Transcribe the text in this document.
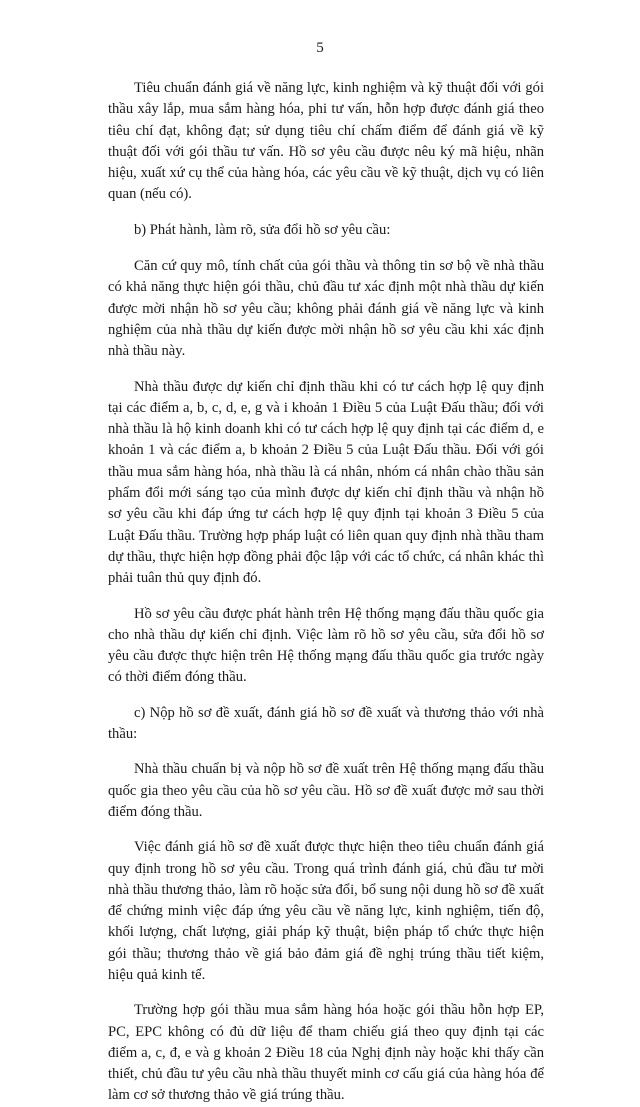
5

Tiêu chuẩn đánh giá về năng lực, kinh nghiệm và kỹ thuật đối với gói thầu xây lắp, mua sắm hàng hóa, phi tư vấn, hỗn hợp được đánh giá theo tiêu chí đạt, không đạt; sử dụng tiêu chí chấm điểm để đánh giá về kỹ thuật đối với gói thầu tư vấn. Hồ sơ yêu cầu được nêu ký mã hiệu, nhãn hiệu, xuất xứ cụ thể của hàng hóa, các yêu cầu về kỹ thuật, dịch vụ có liên quan (nếu có).

b) Phát hành, làm rõ, sửa đổi hồ sơ yêu cầu:

Căn cứ quy mô, tính chất của gói thầu và thông tin sơ bộ về nhà thầu có khả năng thực hiện gói thầu, chủ đầu tư xác định một nhà thầu dự kiến được mời nhận hồ sơ yêu cầu; không phải đánh giá về năng lực và kinh nghiệm của nhà thầu dự kiến được mời nhận hồ sơ yêu cầu khi xác định nhà thầu này.

Nhà thầu được dự kiến chỉ định thầu khi có tư cách hợp lệ quy định tại các điểm a, b, c, d, e, g và i khoản 1 Điều 5 của Luật Đấu thầu; đối với nhà thầu là hộ kinh doanh khi có tư cách hợp lệ quy định tại các điểm d, e khoản 1 và các điểm a, b khoản 2 Điều 5 của Luật Đấu thầu. Đối với gói thầu mua sắm hàng hóa, nhà thầu là cá nhân, nhóm cá nhân chào thầu sản phẩm đổi mới sáng tạo của mình được dự kiến chỉ định thầu và nhận hồ sơ yêu cầu khi đáp ứng tư cách hợp lệ quy định tại khoản 3 Điều 5 của Luật Đấu thầu. Trường hợp pháp luật có liên quan quy định nhà thầu tham dự thầu, thực hiện hợp đồng phải độc lập với các tổ chức, cá nhân khác thì phải tuân thủ quy định đó.

Hồ sơ yêu cầu được phát hành trên Hệ thống mạng đấu thầu quốc gia cho nhà thầu dự kiến chỉ định. Việc làm rõ hồ sơ yêu cầu, sửa đổi hồ sơ yêu cầu được thực hiện trên Hệ thống mạng đấu thầu quốc gia trước ngày có thời điểm đóng thầu.

c) Nộp hồ sơ đề xuất, đánh giá hồ sơ đề xuất và thương thảo với nhà thầu:

Nhà thầu chuẩn bị và nộp hồ sơ đề xuất trên Hệ thống mạng đấu thầu quốc gia theo yêu cầu của hồ sơ yêu cầu. Hồ sơ đề xuất được mở sau thời điểm đóng thầu.

Việc đánh giá hồ sơ đề xuất được thực hiện theo tiêu chuẩn đánh giá quy định trong hồ sơ yêu cầu. Trong quá trình đánh giá, chủ đầu tư mời nhà thầu thương thảo, làm rõ hoặc sửa đổi, bổ sung nội dung hồ sơ đề xuất để chứng minh việc đáp ứng yêu cầu về năng lực, kinh nghiệm, tiến độ, khối lượng, chất lượng, giải pháp kỹ thuật, biện pháp tổ chức thực hiện gói thầu; thương thảo về giá bảo đảm giá đề nghị trúng thầu tiết kiệm, hiệu quả kinh tế.

Trường hợp gói thầu mua sắm hàng hóa hoặc gói thầu hỗn hợp EP, PC, EPC không có đủ dữ liệu để tham chiếu giá theo quy định tại các điểm a, c, đ, e và g khoản 2 Điều 18 của Nghị định này hoặc khi thấy cần thiết, chủ đầu tư yêu cầu nhà thầu thuyết minh cơ cấu giá của hàng hóa để làm cơ sở thương thảo về giá trúng thầu.
